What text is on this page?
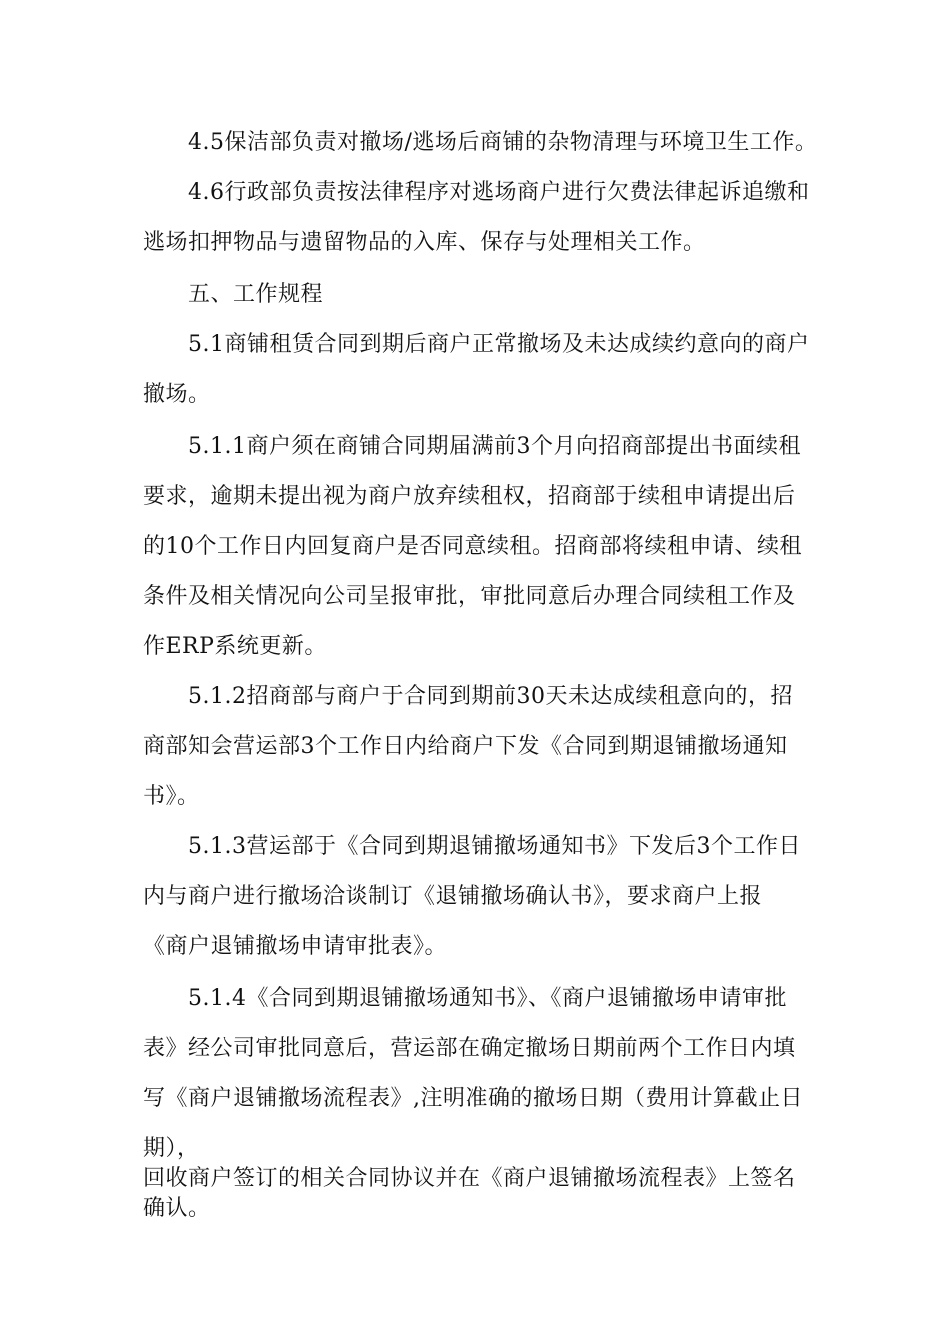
4.5保洁部负责对撤场/逃场后商铺的杂物清理与环境卫生工作。
4.6行政部负责按法律程序对逃场商户进行欠费法律起诉追缴和
逃场扣押物品与遗留物品的入库、保存与处理相关工作。
五、工作规程
5.1商铺租赁合同到期后商户正常撤场及未达成续约意向的商户
撤场。
5.1.1商户须在商铺合同期届满前3个月向招商部提出书面续租
要求，逾期未提出视为商户放弃续租权，招商部于续租申请提出后
的10个工作日内回复商户是否同意续租。招商部将续租申请、续租
条件及相关情况向公司呈报审批，审批同意后办理合同续租工作及
作ERP系统更新。
5.1.2招商部与商户于合同到期前30天未达成续租意向的，招
商部知会营运部3个工作日内给商户下发《合同到期退铺撤场通知
书》。
5.1.3营运部于《合同到期退铺撤场通知书》下发后3个工作日
内与商户进行撤场洽谈制订《退铺撤场确认书》，要求商户上报
《商户退铺撤场申请审批表》。
5.1.4《合同到期退铺撤场通知书》、《商户退铺撤场申请审批
表》经公司审批同意后，营运部在确定撤场日期前两个工作日内填
写《商户退铺撤场流程表》,注明准确的撤场日期（费用计算截止日
期），
回收商户签订的相关合同协议并在《商户退铺撤场流程表》上签名
确认。
